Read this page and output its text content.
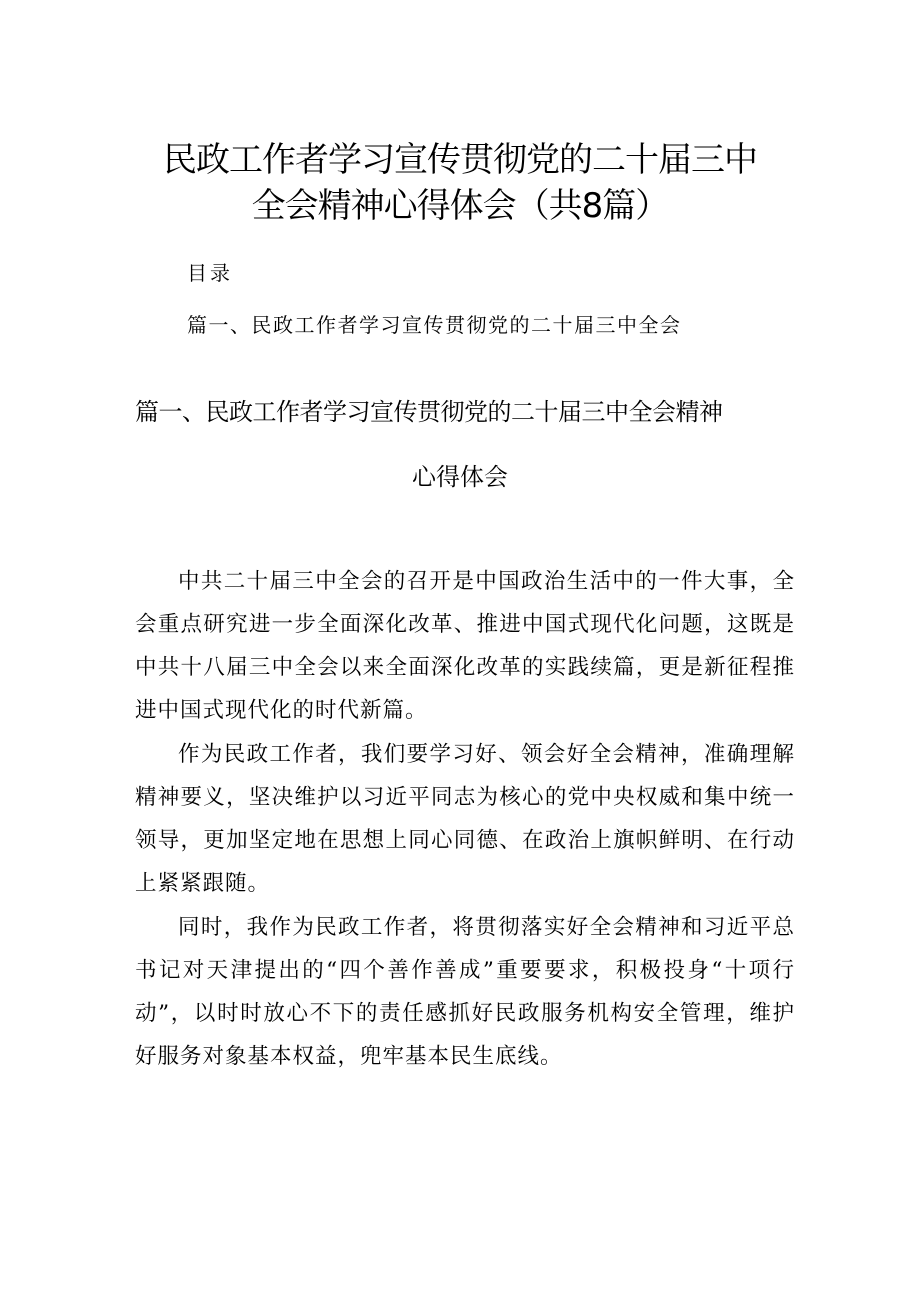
民政工作者学习宣传贯彻党的二十届三中
全会精神心得体会（共8篇）
目录
篇一、民政工作者学习宣传贯彻党的二十届三中全会
篇一、民政工作者学习宣传贯彻党的二十届三中全会精神
心得体会

中共二十届三中全会的召开是中国政治生活中的一件大事，全会重点研究进一步全面深化改革、推进中国式现代化问题，这既是中共十八届三中全会以来全面深化改革的实践续篇，更是新征程推进中国式现代化的时代新篇。

作为民政工作者，我们要学习好、领会好全会精神，准确理解精神要义，坚决维护以习近平同志为核心的党中央权威和集中统一领导，更加坚定地在思想上同心同德、在政治上旗帜鲜明、在行动上紧紧跟随。

同时，我作为民政工作者，将贯彻落实好全会精神和习近平总书记对天津提出的“四个善作善成”重要要求，积极投身“十项行动”，以时时放心不下的责任感抓好民政服务机构安全管理，维护好服务对象基本权益，兜牢基本民生底线。
